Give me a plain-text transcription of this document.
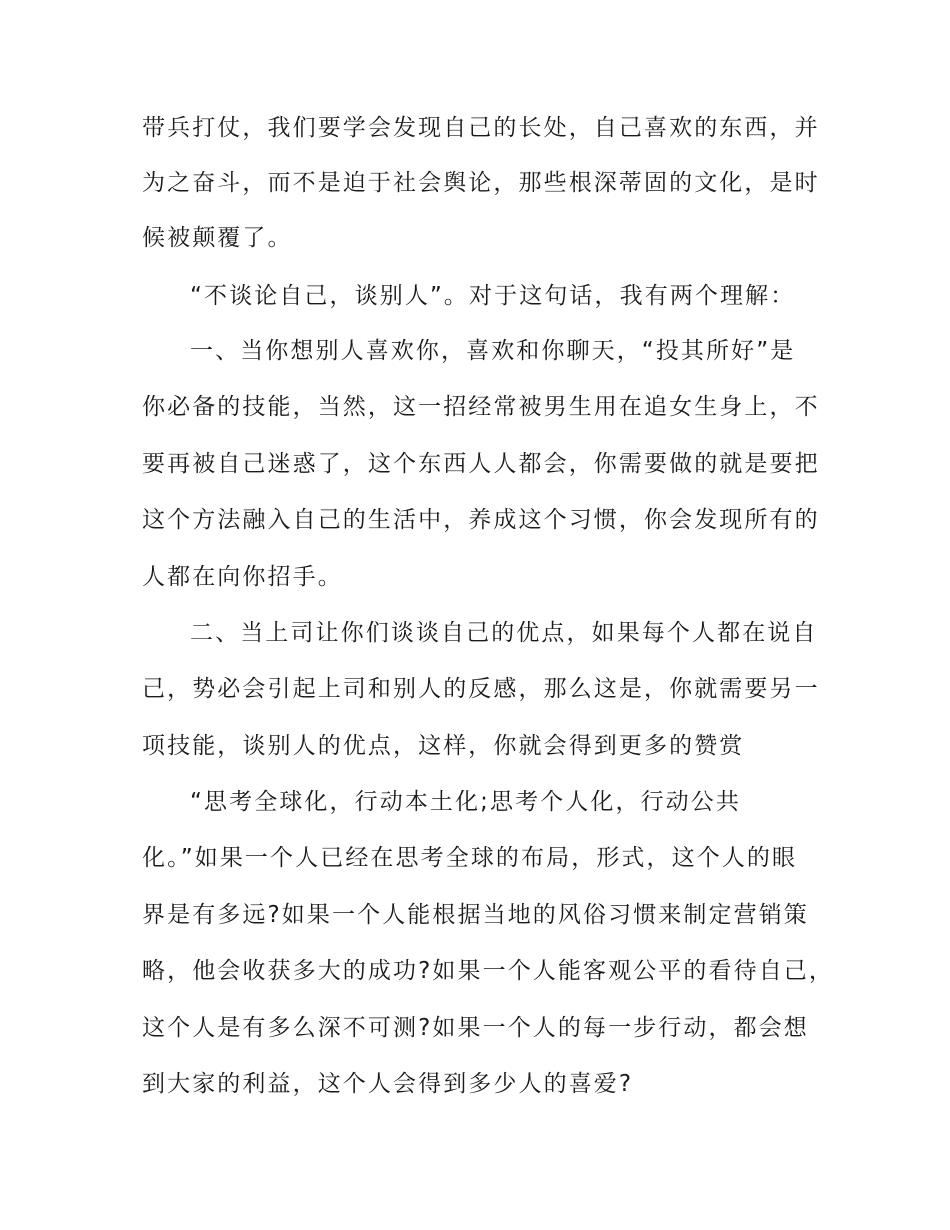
带兵打仗，我们要学会发现自己的长处，自己喜欢的东西，并
为之奋斗，而不是迫于社会舆论，那些根深蒂固的文化，是时
候被颠覆了。
“不谈论自己，谈别人”。对于这句话，我有两个理解：
一、当你想别人喜欢你，喜欢和你聊天，“投其所好”是
你必备的技能，当然，这一招经常被男生用在追女生身上，不
要再被自己迷惑了，这个东西人人都会，你需要做的就是要把
这个方法融入自己的生活中，养成这个习惯，你会发现所有的
人都在向你招手。
二、当上司让你们谈谈自己的优点，如果每个人都在说自
己，势必会引起上司和别人的反感，那么这是，你就需要另一
项技能，谈别人的优点，这样，你就会得到更多的赞赏
“思考全球化，行动本土化;思考个人化，行动公共
化。”如果一个人已经在思考全球的布局，形式，这个人的眼
界是有多远?如果一个人能根据当地的风俗习惯来制定营销策
略，他会收获多大的成功?如果一个人能客观公平的看待自己，
这个人是有多么深不可测?如果一个人的每一步行动，都会想
到大家的利益，这个人会得到多少人的喜爱?
